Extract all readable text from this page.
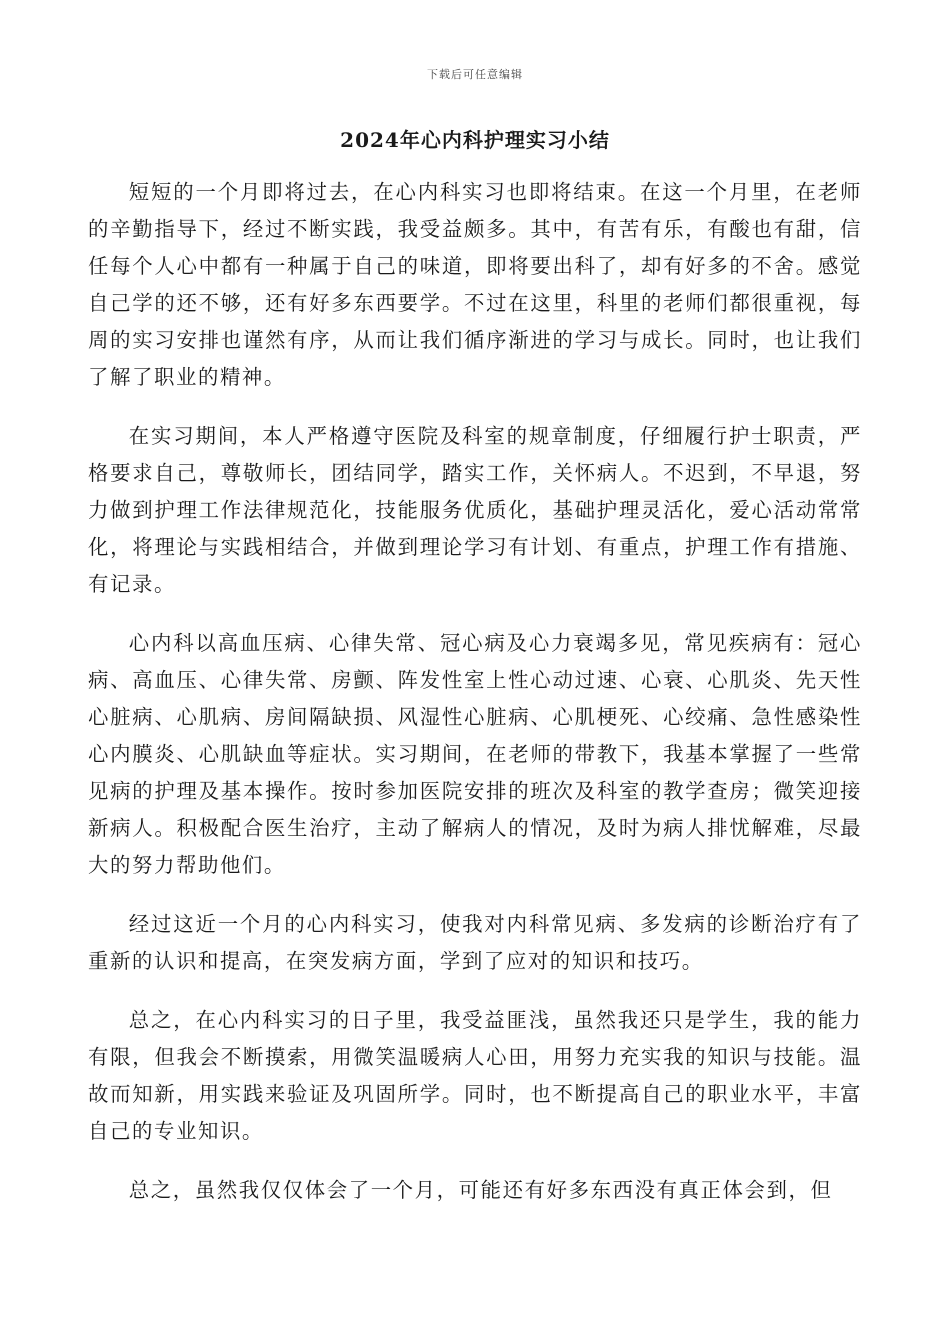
下载后可任意编辑
2024年心内科护理实习小结

短短的一个月即将过去，在心内科实习也即将结束。在这一个月里，在老师的辛勤指导下，经过不断实践，我受益颇多。其中，有苦有乐，有酸也有甜，信任每个人心中都有一种属于自己的味道，即将要出科了，却有好多的不舍。感觉自己学的还不够，还有好多东西要学。不过在这里，科里的老师们都很重视，每周的实习安排也谨然有序，从而让我们循序渐进的学习与成长。同时，也让我们了解了职业的精神。

在实习期间，本人严格遵守医院及科室的规章制度，仔细履行护士职责，严格要求自己，尊敬师长，团结同学，踏实工作，关怀病人。不迟到，不早退，努力做到护理工作法律规范化，技能服务优质化，基础护理灵活化，爱心活动常常化，将理论与实践相结合，并做到理论学习有计划、有重点，护理工作有措施、有记录。

心内科以高血压病、心律失常、冠心病及心力衰竭多见，常见疾病有：冠心病、高血压、心律失常、房颤、阵发性室上性心动过速、心衰、心肌炎、先天性心脏病、心肌病、房间隔缺损、风湿性心脏病、心肌梗死、心绞痛、急性感染性心内膜炎、心肌缺血等症状。实习期间，在老师的带教下，我基本掌握了一些常见病的护理及基本操作。按时参加医院安排的班次及科室的教学查房；微笑迎接新病人。积极配合医生治疗，主动了解病人的情况，及时为病人排忧解难，尽最大的努力帮助他们。

经过这近一个月的心内科实习，使我对内科常见病、多发病的诊断治疗有了重新的认识和提高，在突发病方面，学到了应对的知识和技巧。

总之，在心内科实习的日子里，我受益匪浅，虽然我还只是学生，我的能力有限，但我会不断摸索，用微笑温暖病人心田，用努力充实我的知识与技能。温故而知新，用实践来验证及巩固所学。同时，也不断提高自己的职业水平，丰富自己的专业知识。

总之，虽然我仅仅体会了一个月，可能还有好多东西没有真正体会到，但
